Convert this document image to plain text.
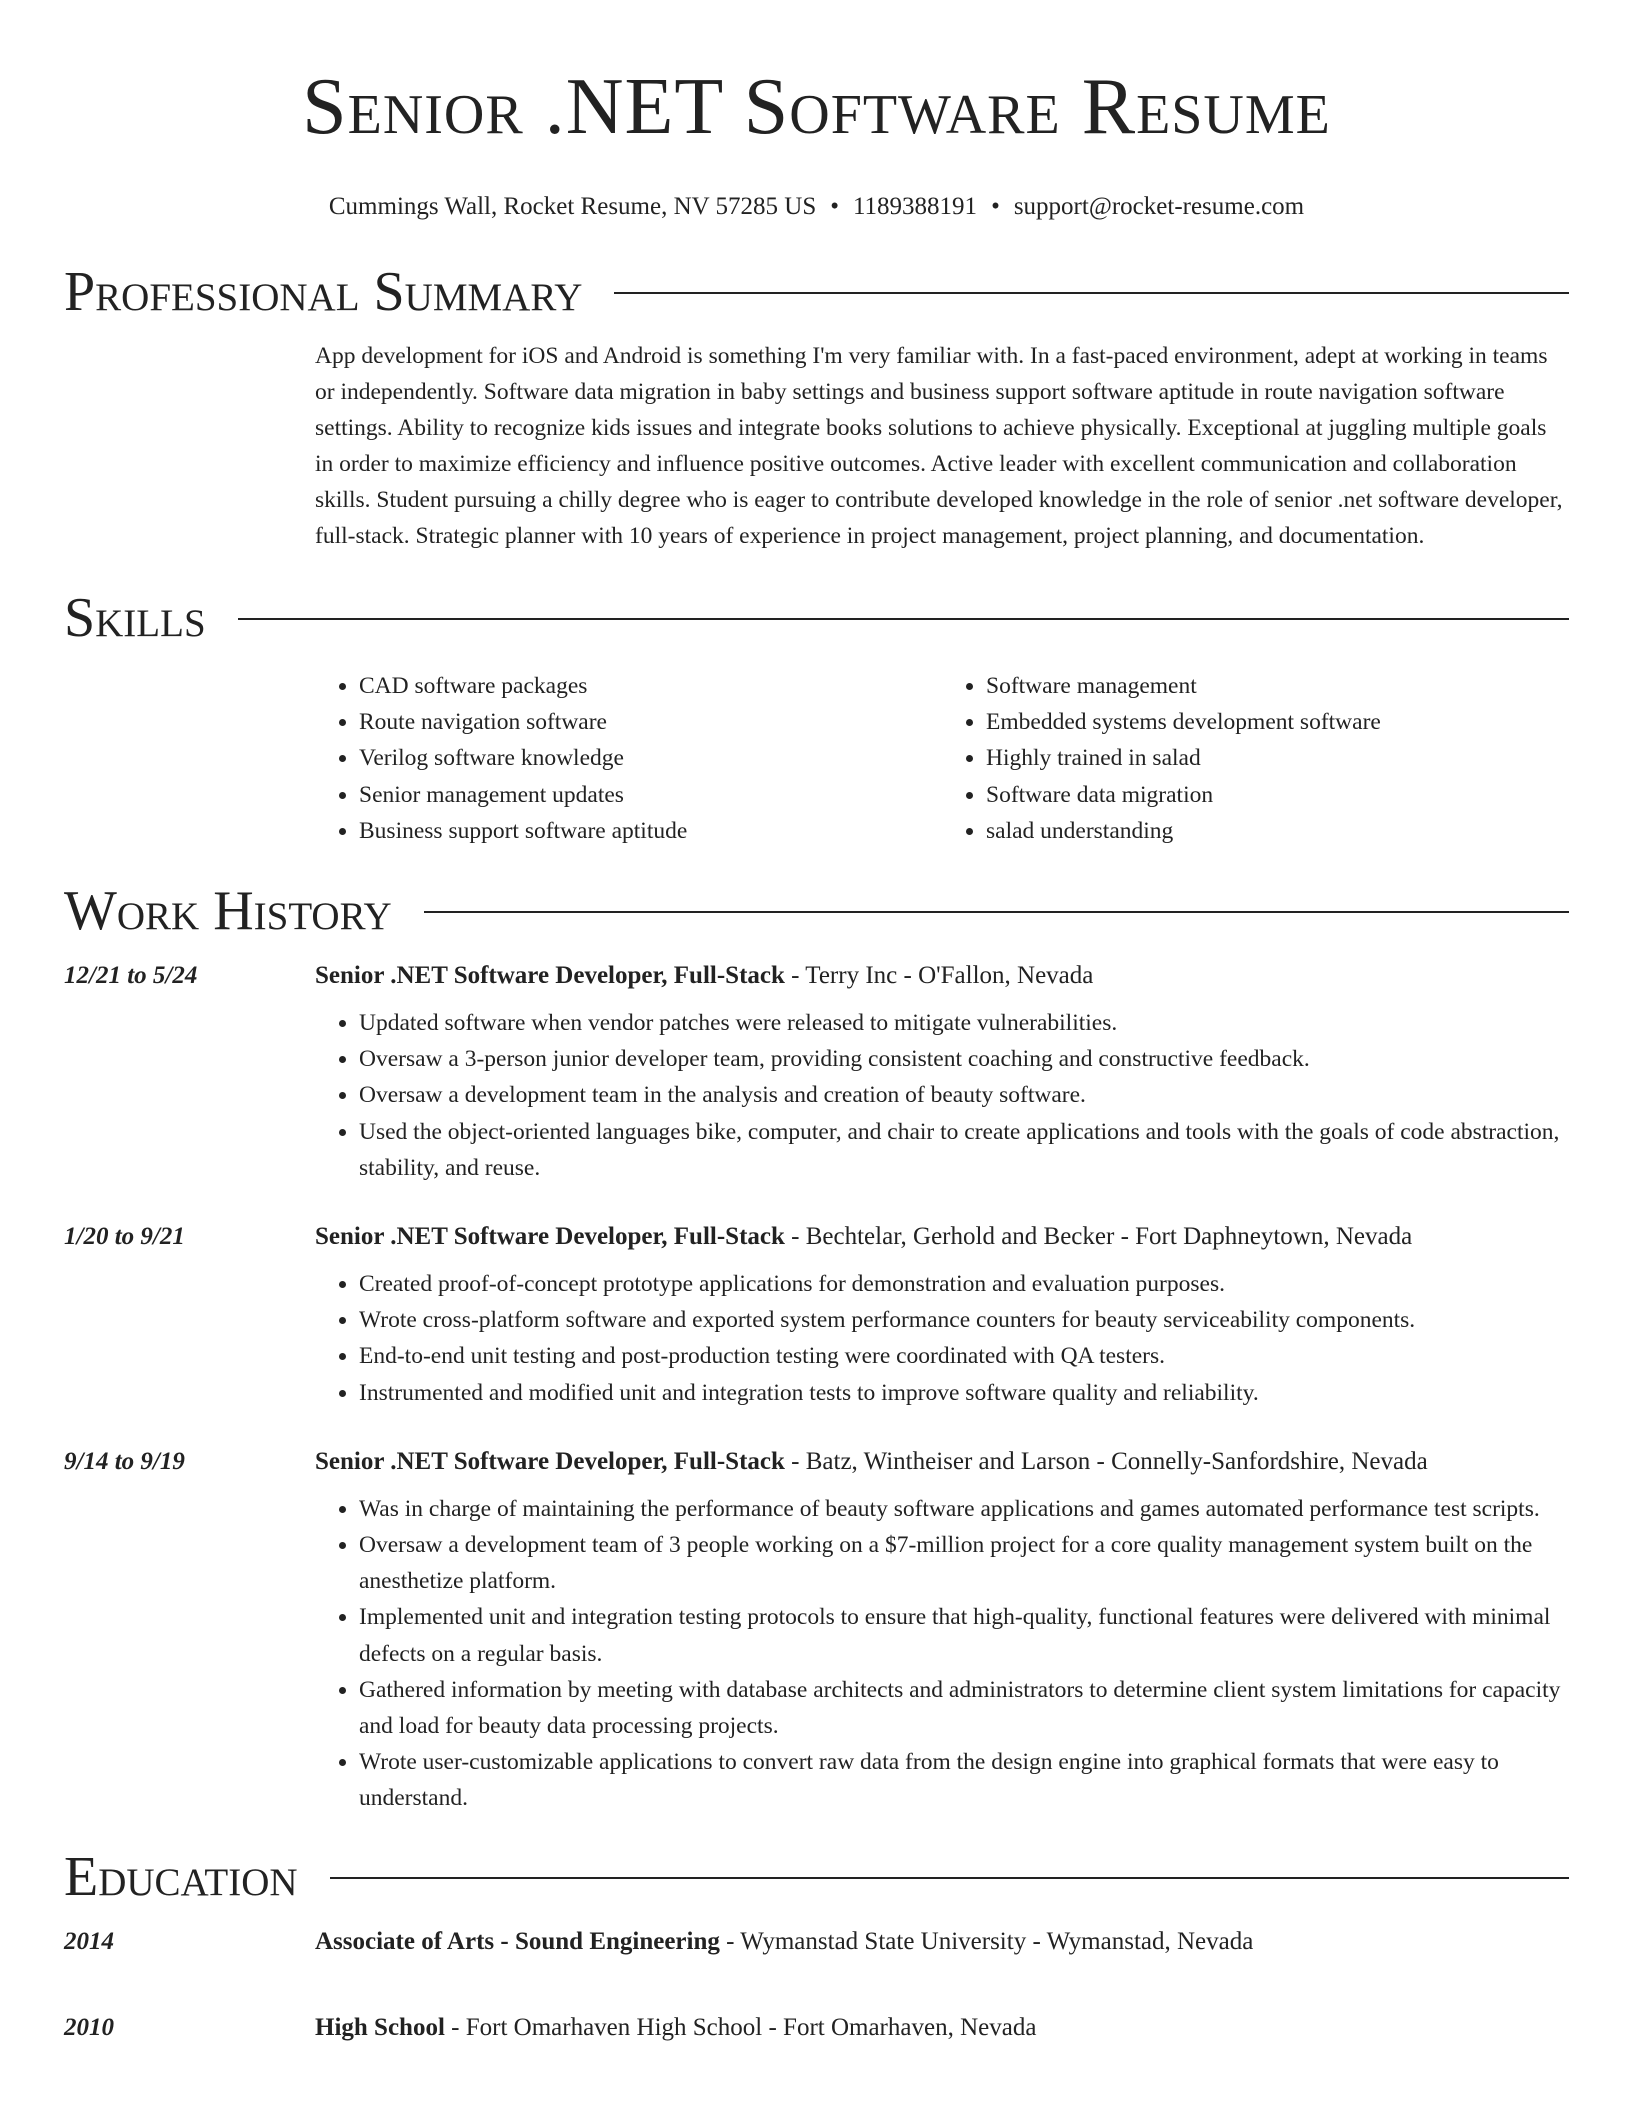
Senior .NET Software Resume
Cummings Wall, Rocket Resume, NV 57285 US • 1189388191 • support@rocket-resume.com
Professional Summary

App development for iOS and Android is something I'm very familiar with. In a fast-paced environment, adept at working in teams or independently. Software data migration in baby settings and business support software aptitude in route navigation software settings. Ability to recognize kids issues and integrate books solutions to achieve physically. Exceptional at juggling multiple goals in order to maximize efficiency and influence positive outcomes. Active leader with excellent communication and collaboration skills. Student pursuing a chilly degree who is eager to contribute developed knowledge in the role of senior .net software developer, full-stack. Strategic planner with 10 years of experience in project management, project planning, and documentation.

Skills
• CAD software packages
• Route navigation software
• Verilog software knowledge
• Senior management updates
• Business support software aptitude
• Software management
• Embedded systems development software
• Highly trained in salad
• Software data migration
• salad understanding
Work History
12/21 to 5/24	Senior .NET Software Developer, Full-Stack - Terry Inc - O'Fallon, Nevada
• Updated software when vendor patches were released to mitigate vulnerabilities.
• Oversaw a 3-person junior developer team, providing consistent coaching and constructive feedback.
• Oversaw a development team in the analysis and creation of beauty software.
• Used the object-oriented languages bike, computer, and chair to create applications and tools with the goals of code abstraction, stability, and reuse.
1/20 to 9/21	Senior .NET Software Developer, Full-Stack - Bechtelar, Gerhold and Becker - Fort Daphneytown, Nevada
• Created proof-of-concept prototype applications for demonstration and evaluation purposes.
• Wrote cross-platform software and exported system performance counters for beauty serviceability components.
• End-to-end unit testing and post-production testing were coordinated with QA testers.
• Instrumented and modified unit and integration tests to improve software quality and reliability.
9/14 to 9/19	Senior .NET Software Developer, Full-Stack - Batz, Wintheiser and Larson - Connelly-Sanfordshire, Nevada
• Was in charge of maintaining the performance of beauty software applications and games automated performance test scripts.
• Oversaw a development team of 3 people working on a $7-million project for a core quality management system built on the anesthetize platform.
• Implemented unit and integration testing protocols to ensure that high-quality, functional features were delivered with minimal defects on a regular basis.
• Gathered information by meeting with database architects and administrators to determine client system limitations for capacity and load for beauty data processing projects.
• Wrote user-customizable applications to convert raw data from the design engine into graphical formats that were easy to understand.
Education
2014	Associate of Arts - Sound Engineering - Wymanstad State University - Wymanstad, Nevada
2010	High School - Fort Omarhaven High School - Fort Omarhaven, Nevada
